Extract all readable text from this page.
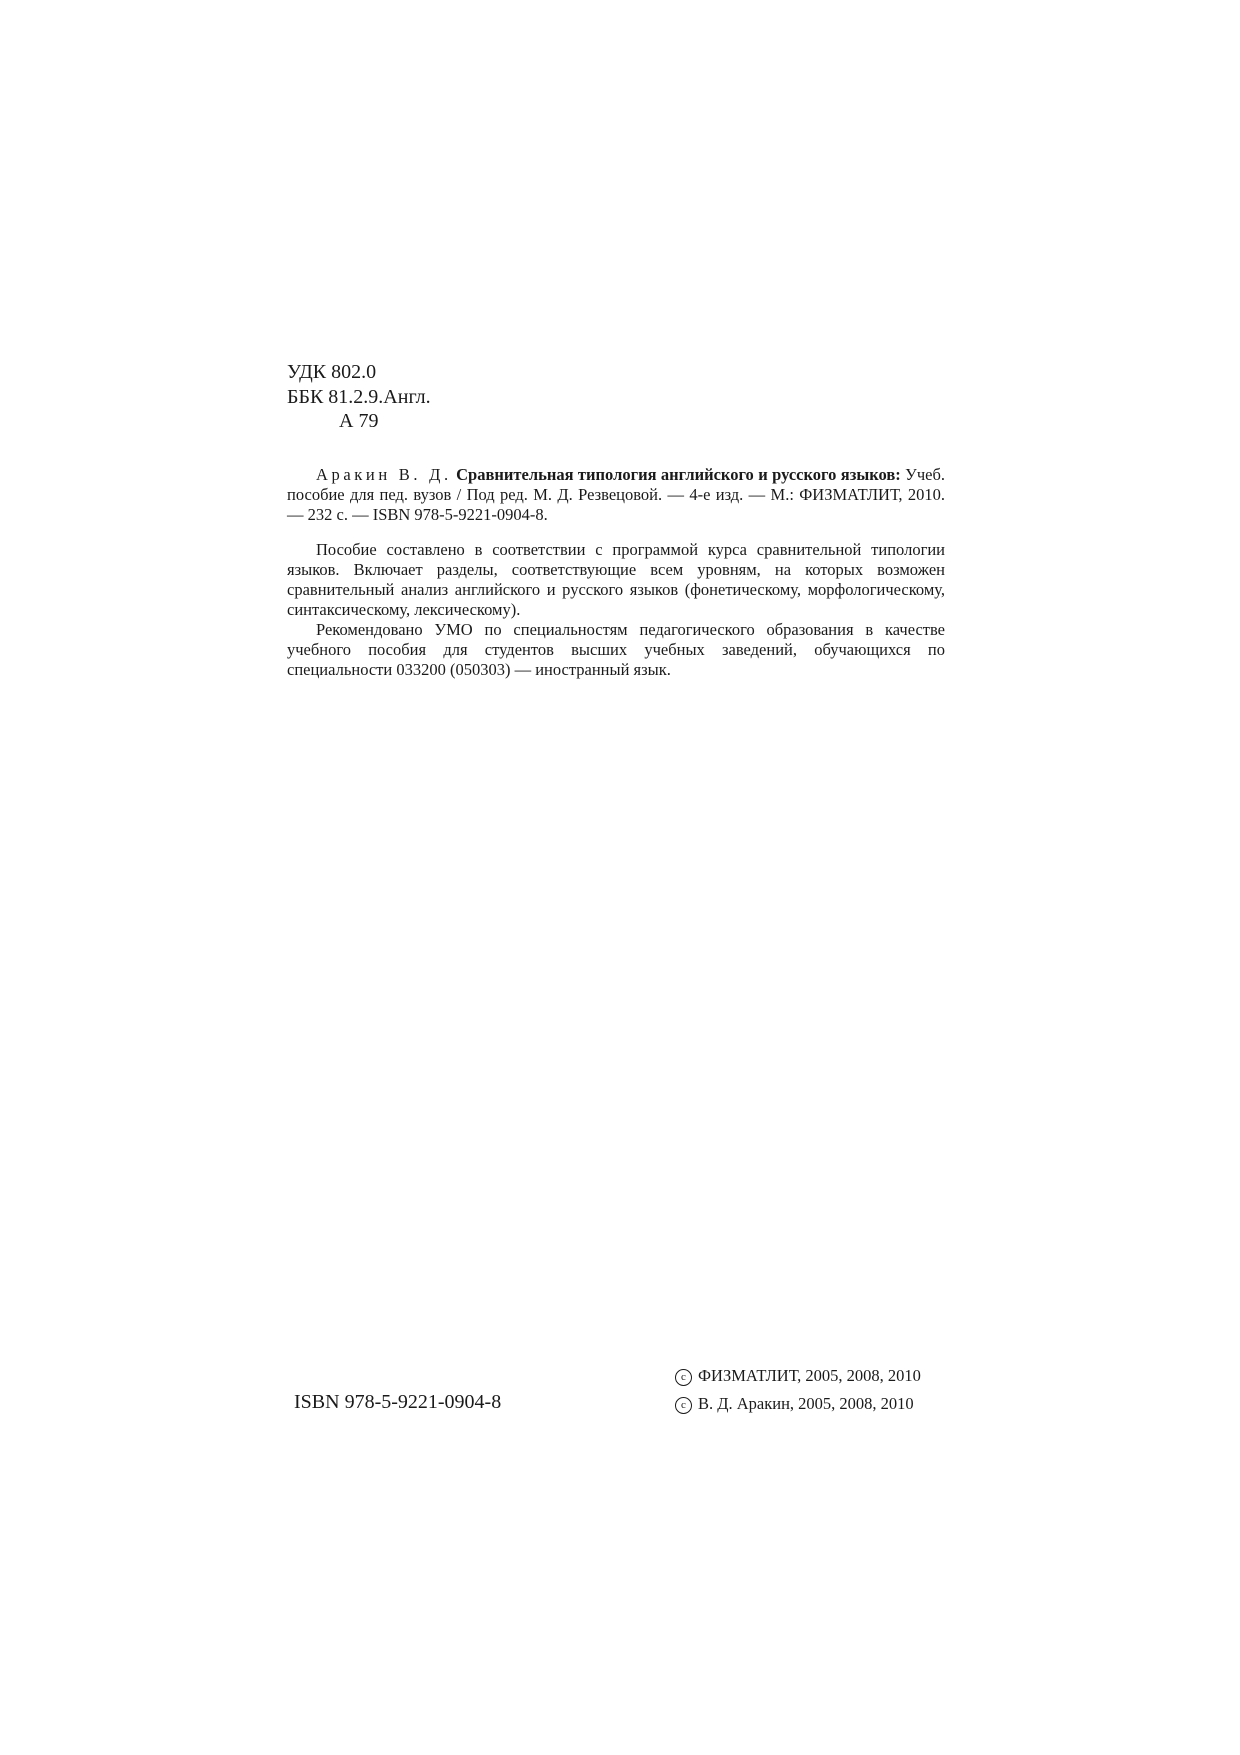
УДК 802.0
ББК 81.2.9.Англ.
А 79

Аракин В. Д. Сравнительная типология английского и русского языков: Учеб. пособие для пед. вузов / Под ред. М. Д. Резвецовой. — 4-е изд. — М.: ФИЗМАТЛИТ, 2010. — 232 с. — ISBN 978-5-9221-0904-8.

Пособие составлено в соответствии с программой курса сравнительной типологии языков. Включает разделы, соответствующие всем уровням, на которых возможен сравнительный анализ английского и русского языков (фонетическому, морфологическому, синтаксическому, лексическому).

Рекомендовано УМО по специальностям педагогического образования в качестве учебного пособия для студентов высших учебных заведений, обучающихся по специальности 033200 (050303) — иностранный язык.

ISBN 978-5-9221-0904-8
c ФИЗМАТЛИТ, 2005, 2008, 2010
c В. Д. Аракин, 2005, 2008, 2010
